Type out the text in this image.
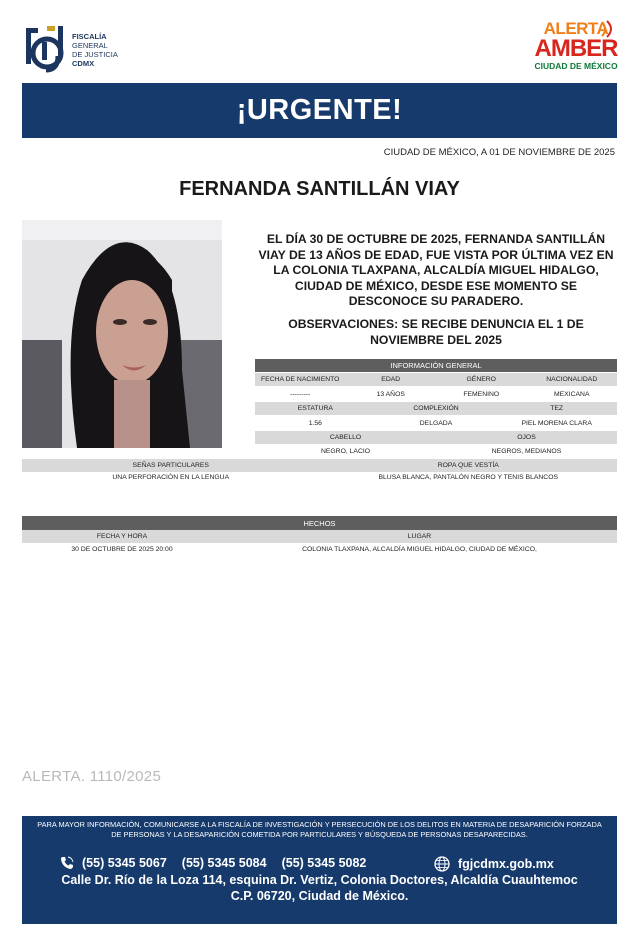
FISCALÍA
GENERAL
DE JUSTICIA
CDMX
ALERTA
AMBER
CIUDAD DE MÉXICO
¡URGENTE!
CIUDAD DE MÉXICO, A 01 DE NOVIEMBRE DE 2025
FERNANDA SANTILLÁN VIAY
EL DÍA 30 DE OCTUBRE DE 2025, FERNANDA SANTILLÁN VIAY DE 13 AÑOS DE EDAD, FUE VISTA POR ÚLTIMA VEZ EN LA COLONIA TLAXPANA, ALCALDÍA MIGUEL HIDALGO, CIUDAD DE MÉXICO, DESDE ESE MOMENTO SE DESCONOCE SU PARADERO.
OBSERVACIONES: SE RECIBE DENUNCIA EL 1 DE NOVIEMBRE DEL 2025
INFORMACIÓN GENERAL
FECHA DE NACIMIENTO	EDAD	GÉNERO	NACIONALIDAD
---------	13 AÑOS	FEMENINO	MEXICANA
ESTATURA	COMPLEXIÓN	TEZ
1.56	DELGADA	PIEL MORENA CLARA
CABELLO	OJOS
NEGRO, LACIO	NEGROS, MEDIANOS
SEÑAS PARTICULARES	ROPA QUE VESTÍA
UNA PERFORACIÓN EN LA LENGUA	BLUSA BLANCA, PANTALÓN NEGRO Y TENIS BLANCOS
HECHOS
FECHA Y HORA	LUGAR
30 DE OCTUBRE DE 2025 20:00	COLONIA TLAXPANA, ALCALDÍA MIGUEL HIDALGO, CIUDAD DE MÉXICO,
ALERTA. 1110/2025
PARA MAYOR INFORMACIÓN, COMUNICARSE A LA FISCALÍA DE INVESTIGACIÓN Y PERSECUCIÓN DE LOS DELITOS EN MATERIA DE DESAPARICIÓN FORZADA DE PERSONAS Y LA DESAPARICIÓN COMETIDA POR PARTICULARES Y BÚSQUEDA DE PERSONAS DESAPARECIDAS.
(55) 5345 5067 (55) 5345 5084 (55) 5345 5082	fgjcdmx.gob.mx
Calle Dr. Río de la Loza 114, esquina Dr. Vertiz, Colonia Doctores, Alcaldía Cuauhtemoc
C.P. 06720, Ciudad de México.
